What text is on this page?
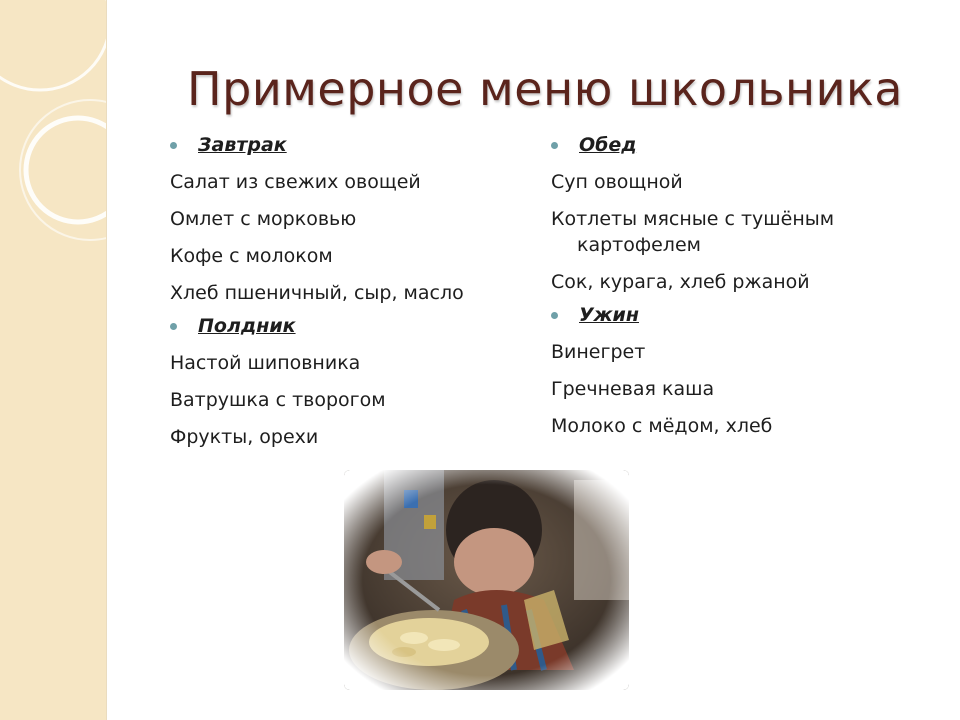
Примерное меню школьника
Завтрак
Салат из свежих овощей
Омлет с морковью
Кофе с молоком
Хлеб пшеничный, сыр, масло
Полдник
Настой шиповника
Ватрушка с творогом
Фрукты, орехи
Обед
Суп овощной
Котлеты мясные с тушёным картофелем
Сок, курага, хлеб ржаной
Ужин
Винегрет
Гречневая каша
Молоко с мёдом, хлеб
